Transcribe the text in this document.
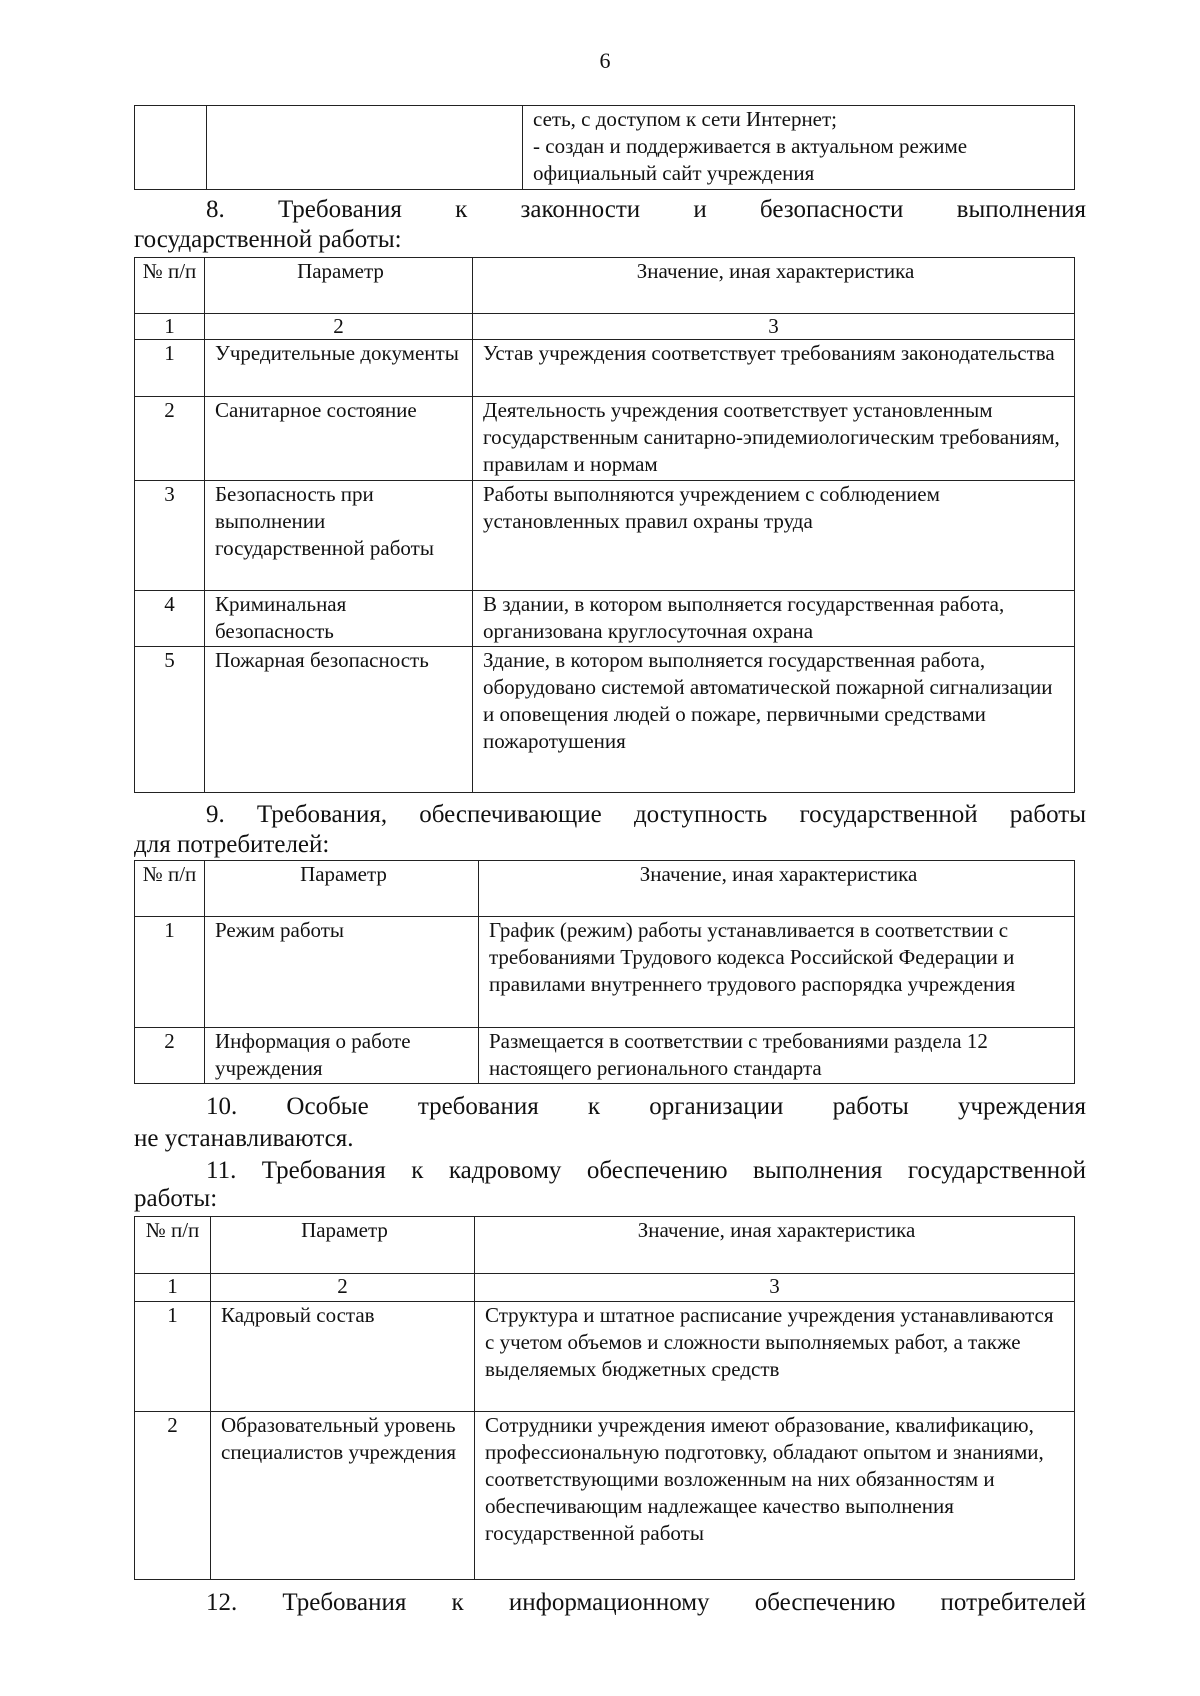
6

сеть, с доступом к сети Интернет;
- создан и поддерживается в актуальном режиме
официальный сайт учреждения
8. Требования к законности и безопасности выполнения
государственной работы:
№ п/п	Параметр	Значение, иная характеристика
1	2	3
1	Учредительные документы	Устав учреждения соответствует требованиям законодательства
2	Санитарное состояние	Деятельность учреждения соответствует установленным государственным санитарно-эпидемиологическим требованиям, правилам и нормам
3	Безопасность при выполнении государственной работы	Работы выполняются учреждением с соблюдением установленных правил охраны труда
4	Криминальная безопасность	В здании, в котором выполняется государственная работа, организована круглосуточная охрана
5	Пожарная безопасность	Здание, в котором выполняется государственная работа, оборудовано системой автоматической пожарной сигнализации и оповещения людей о пожаре, первичными средствами пожаротушения
9. Требования, обеспечивающие доступность государственной работы
для потребителей:
№ п/п	Параметр	Значение, иная характеристика
1	Режим работы	График (режим) работы устанавливается в соответствии с требованиями Трудового кодекса Российской Федерации и правилами внутреннего трудового распорядка учреждения
2	Информация о работе учреждения	Размещается в соответствии с требованиями раздела 12 настоящего регионального стандарта
10. Особые требования к организации работы учреждения
не устанавливаются.
11. Требования к кадровому обеспечению выполнения государственной
работы:
№ п/п	Параметр	Значение, иная характеристика
1	2	3
1	Кадровый состав	Структура и штатное расписание учреждения устанавливаются с учетом объемов и сложности выполняемых работ, а также выделяемых бюджетных средств
2	Образовательный уровень специалистов учреждения	Сотрудники учреждения имеют образование, квалификацию, профессиональную подготовку, обладают опытом и знаниями, соответствующими возложенным на них обязанностям и обеспечивающим надлежащее качество выполнения государственной работы
12. Требования к информационному обеспечению потребителей
